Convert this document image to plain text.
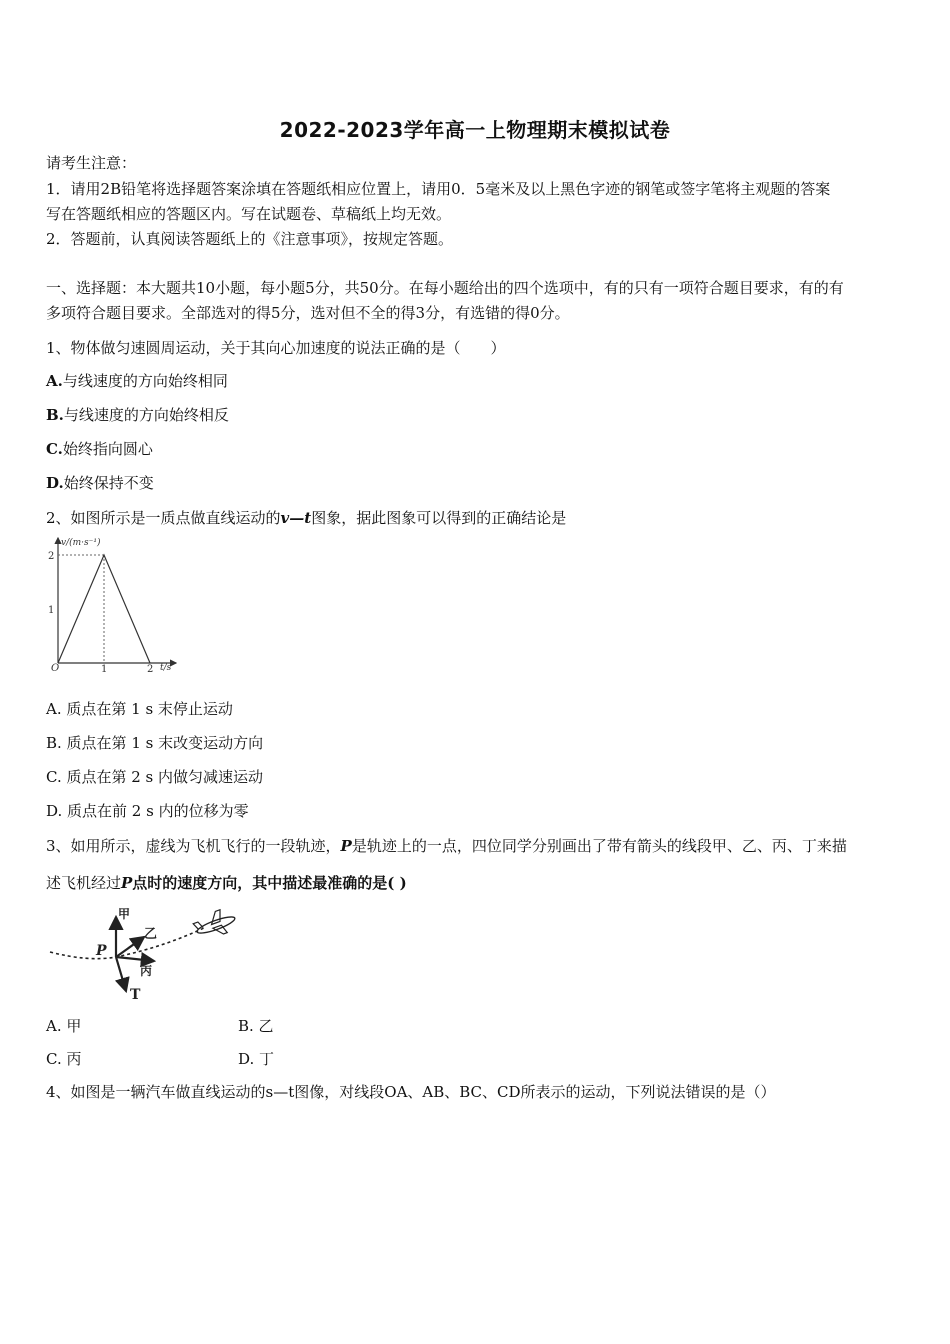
2022-2023学年高一上物理期末模拟试卷
请考生注意：
1．请用2B铅笔将选择题答案涂填在答题纸相应位置上，请用0．5毫米及以上黑色字迹的钢笔或签字笔将主观题的答案
写在答题纸相应的答题区内。写在试题卷、草稿纸上均无效。
2．答题前，认真阅读答题纸上的《注意事项》，按规定答题。
一、选择题：本大题共10小题，每小题5分，共50分。在每小题给出的四个选项中，有的只有一项符合题目要求，有的有
多项符合题目要求。全部选对的得5分，选对但不全的得3分，有选错的得0分。
1、物体做匀速圆周运动，关于其向心加速度的说法正确的是（　　）
A.与线速度的方向始终相同
B.与线速度的方向始终相反
C.始终指向圆心
D.始终保持不变
2、如图所示是一质点做直线运动的v—t图象，据此图象可以得到的正确结论是
1	2
1
2
v/(m·s⁻¹)
t/s
O
A. 质点在第 1 s 末停止运动
B. 质点在第 1 s 末改变运动方向
C. 质点在第 2 s 内做匀减速运动
D. 质点在前 2 s 内的位移为零
3、如用所示，虚线为飞机飞行的一段轨迹，P是轨迹上的一点，四位同学分别画出了带有箭头的线段甲、乙、丙、丁来描
述飞机经过P点时的速度方向，其中描述最准确的是( )
P
甲
乙
丙
T
A. 甲	B. 乙
C. 丙	D. 丁
4、如图是一辆汽车做直线运动的s—t图像，对线段OA、AB、BC、CD所表示的运动，下列说法错误的是（）
